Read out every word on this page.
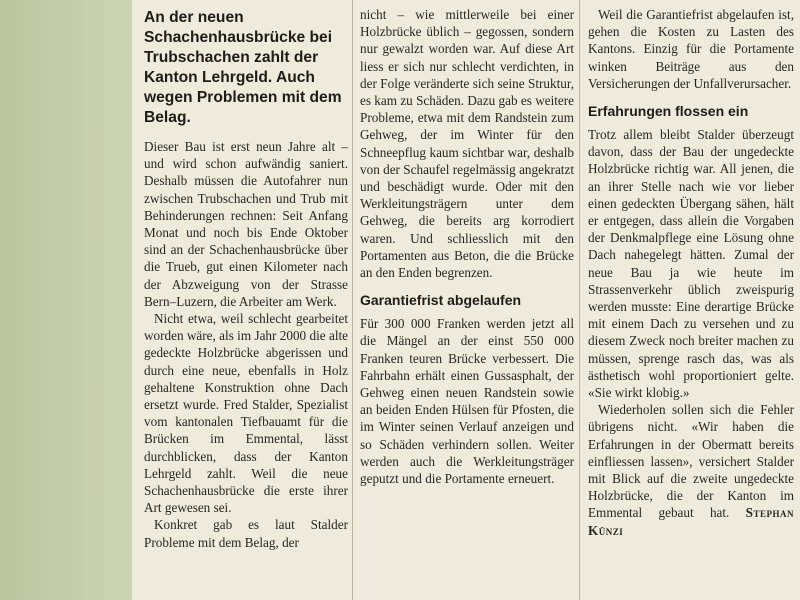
An der neuen Schachenhausbrücke bei Trubschachen zahlt der Kanton Lehrgeld. Auch wegen Problemen mit dem Belag.

Dieser Bau ist erst neun Jahre alt – und wird schon aufwändig saniert. Deshalb müssen die Autofahrer nun zwischen Trubschachen und Trub mit Behinderungen rechnen: Seit Anfang Monat und noch bis Ende Oktober sind an der Schachenhausbrücke über die Trueb, gut einen Kilometer nach der Abzweigung von der Strasse Bern–Luzern, die Arbeiter am Werk.

Nicht etwa, weil schlecht gearbeitet worden wäre, als im Jahr 2000 die alte gedeckte Holzbrücke abgerissen und durch eine neue, ebenfalls in Holz gehaltene Konstruktion ohne Dach ersetzt wurde. Fred Stalder, Spezialist vom kantonalen Tiefbauamt für die Brücken im Emmental, lässt durchblicken, dass der Kanton Lehrgeld zahlt. Weil die neue Schachenhausbrücke die erste ihrer Art gewesen sei.

Konkret gab es laut Stalder Probleme mit dem Belag, der

nicht – wie mittlerweile bei einer Holzbrücke üblich – gegossen, sondern nur gewalzt worden war. Auf diese Art liess er sich nur schlecht verdichten, in der Folge veränderte sich seine Struktur, es kam zu Schäden. Dazu gab es weitere Probleme, etwa mit dem Randstein zum Gehweg, der im Winter für den Schneepflug kaum sichtbar war, deshalb von der Schaufel regelmässig angekratzt und beschädigt wurde. Oder mit den Werkleitungsträgern unter dem Gehweg, die bereits arg korrodiert waren. Und schliesslich mit den Portamenten aus Beton, die die Brücke an den Enden begrenzen.

Garantiefrist abgelaufen

Für 300 000 Franken werden jetzt all die Mängel an der einst 550 000 Franken teuren Brücke verbessert. Die Fahrbahn erhält einen Gussasphalt, der Gehweg einen neuen Randstein sowie an beiden Enden Hülsen für Pfosten, die im Winter seinen Verlauf anzeigen und so Schäden verhindern sollen. Weiter werden auch die Werkleitungsträger geputzt und die Portamente erneuert.

Weil die Garantiefrist abgelaufen ist, gehen die Kosten zu Lasten des Kantons. Einzig für die Portamente winken Beiträge aus den Versicherungen der Unfallverursacher.

Erfahrungen flossen ein

Trotz allem bleibt Stalder überzeugt davon, dass der Bau der ungedeckte Holzbrücke richtig war. All jenen, die an ihrer Stelle nach wie vor lieber einen gedeckten Übergang sähen, hält er entgegen, dass allein die Vorgaben der Denkmalpflege eine Lösung ohne Dach nahegelegt hätten. Zumal der neue Bau ja wie heute im Strassenverkehr üblich zweispurig werden musste: Eine derartige Brücke mit einem Dach zu versehen und zu diesem Zweck noch breiter machen zu müssen, sprenge rasch das, was als ästhetisch wohl proportioniert gelte. «Sie wirkt klobig.»

Wiederholen sollen sich die Fehler übrigens nicht. «Wir haben die Erfahrungen in der Obermatt bereits einfliessen lassen», versichert Stalder mit Blick auf die zweite ungedeckte Holzbrücke, die der Kanton im Emmental gebaut hat. Stephan Künzi
